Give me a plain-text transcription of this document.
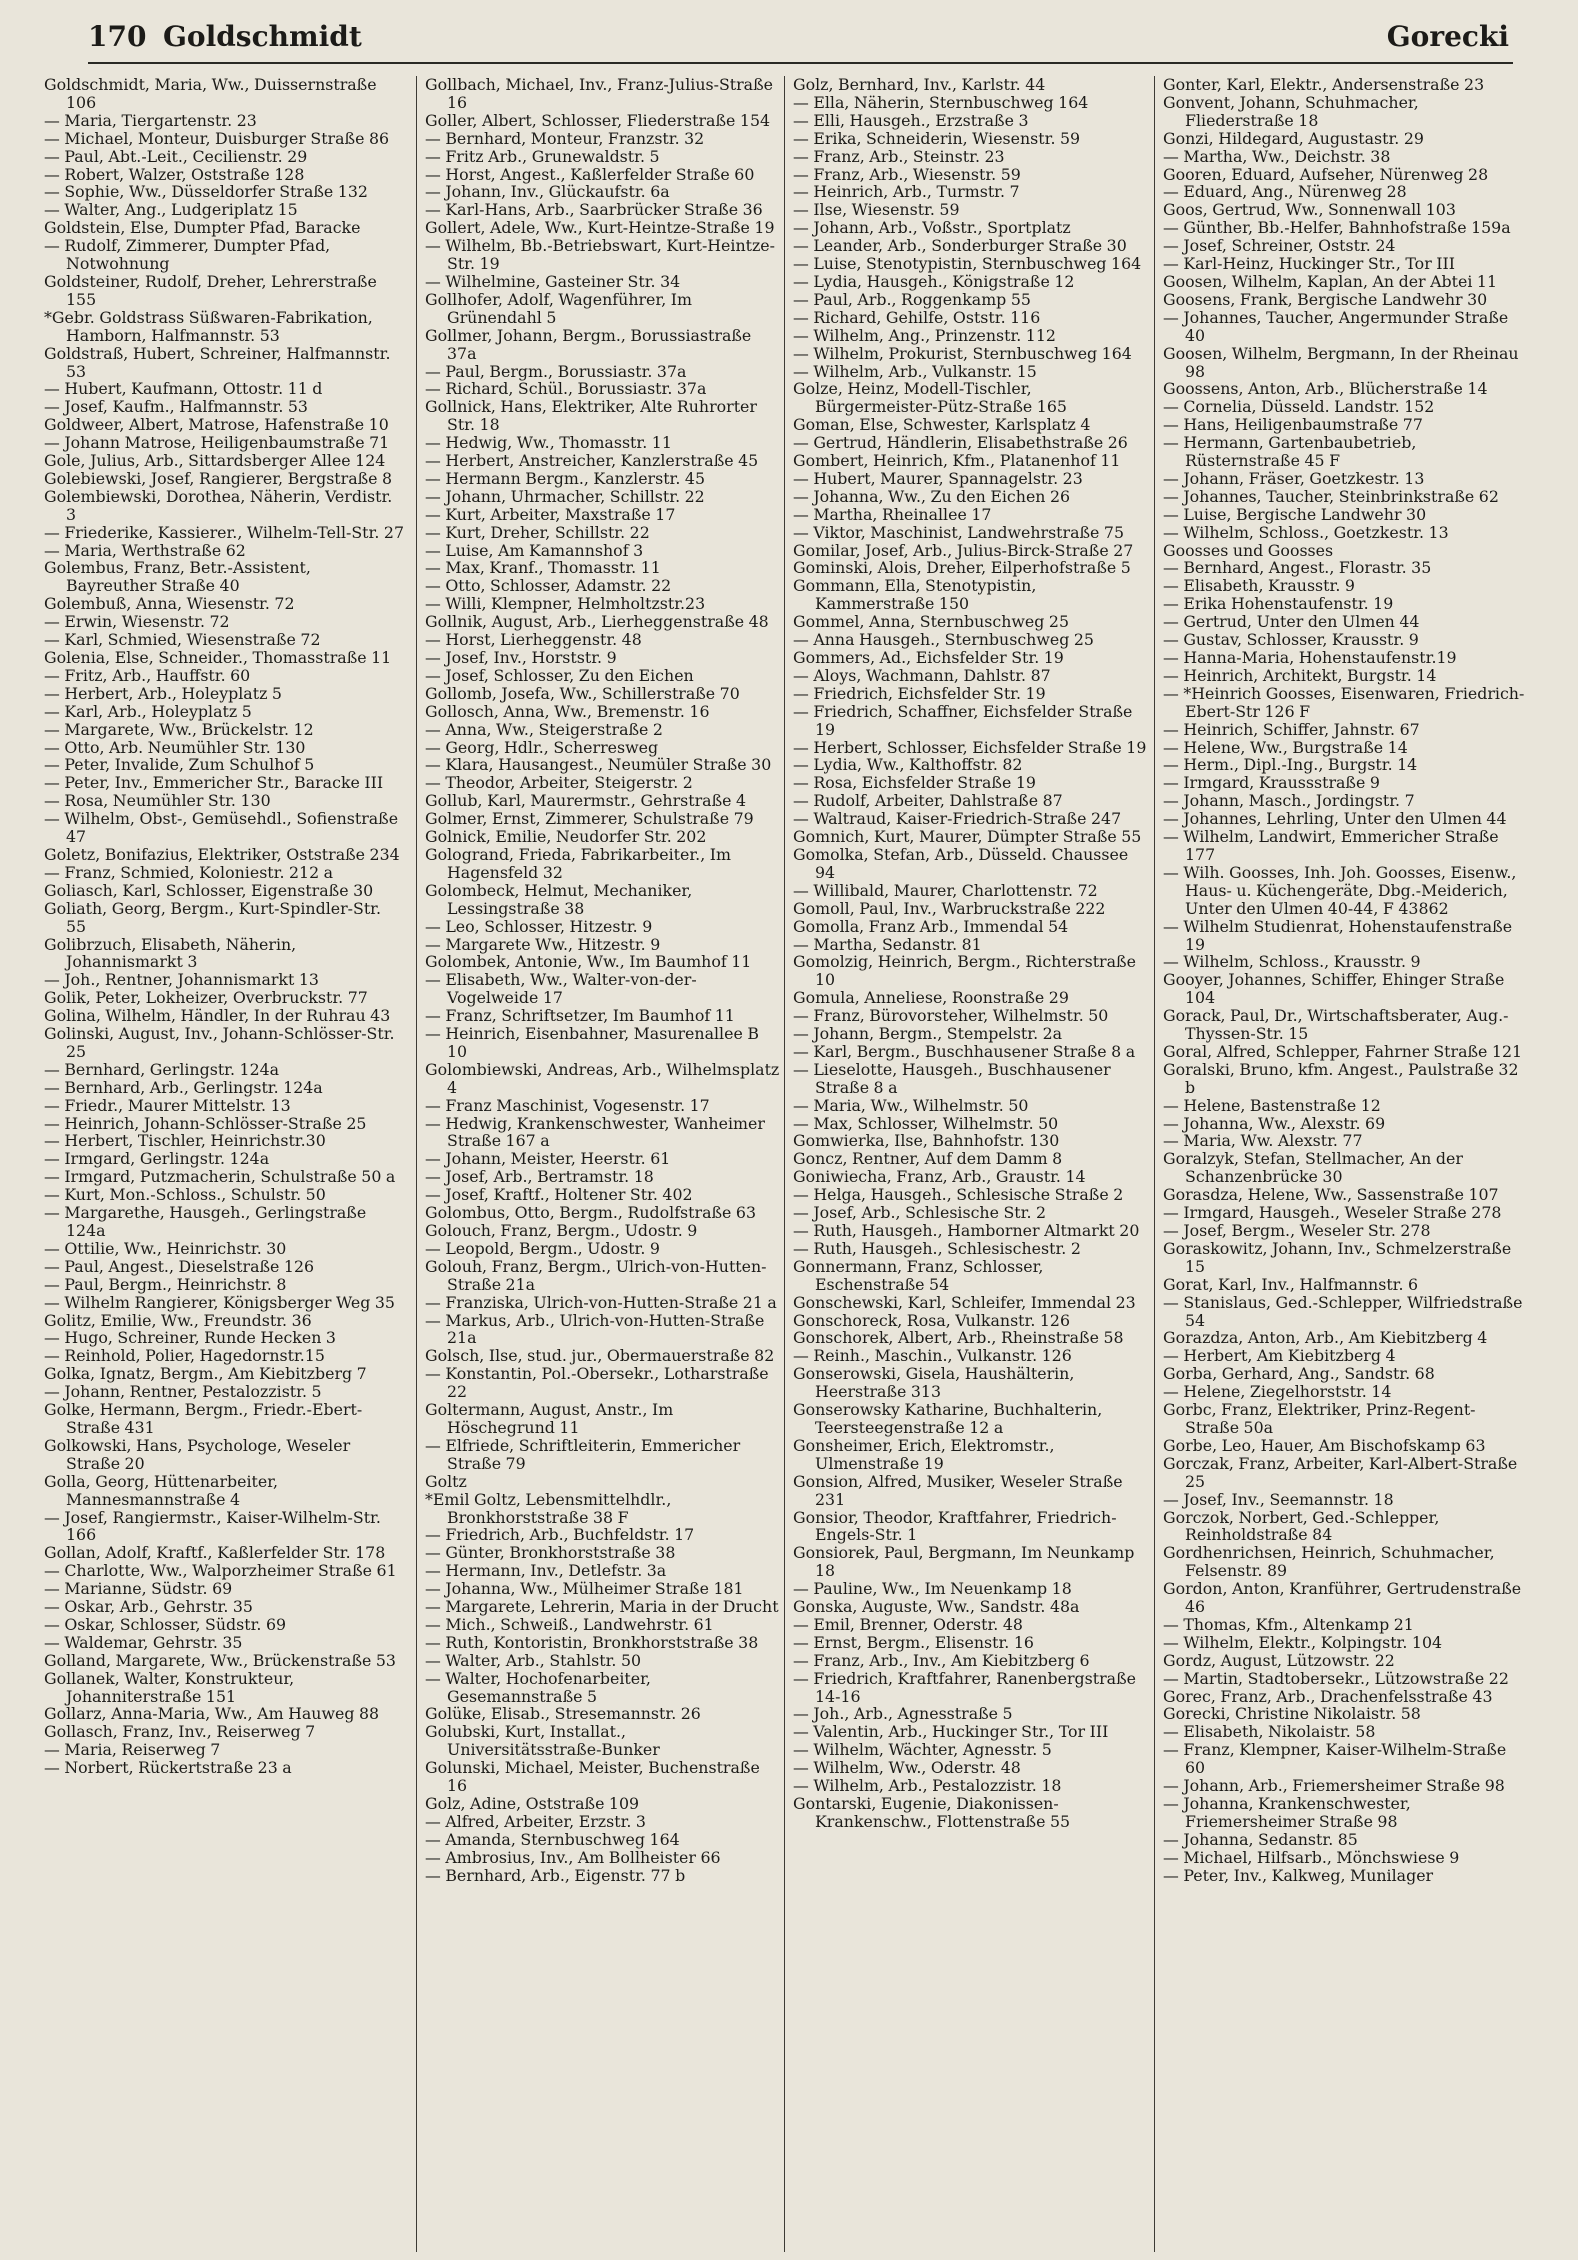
170 Goldschmidt	Gorecki

Goldschmidt, Maria, Ww., Duissernstraße 106

— Maria, Tiergartenstr. 23

— Michael, Monteur, Duisburger Straße 86

— Paul, Abt.-Leit., Cecilienstr. 29

— Robert, Walzer, Oststraße 128

— Sophie, Ww., Düsseldorfer Straße 132

— Walter, Ang., Ludgeriplatz 15

Goldstein, Else, Dumpter Pfad, Baracke

— Rudolf, Zimmerer, Dumpter Pfad, Notwohnung

Goldsteiner, Rudolf, Dreher, Lehrerstraße 155

*Gebr. Goldstrass Süßwaren-Fabrikation, Hamborn, Halfmannstr. 53

Goldstraß, Hubert, Schreiner, Halfmannstr. 53

— Hubert, Kaufmann, Ottostr. 11 d

— Josef, Kaufm., Halfmannstr. 53

Goldweer, Albert, Matrose, Hafenstraße 10

— Johann Matrose, Heiligenbaumstraße 71

Gole, Julius, Arb., Sittardsberger Allee 124

Golebiewski, Josef, Rangierer, Bergstraße 8

Golembiewski, Dorothea, Näherin, Verdistr. 3

— Friederike, Kassierer., Wilhelm-Tell-Str. 27

— Maria, Werthstraße 62

Golembus, Franz, Betr.-Assistent, Bayreuther Straße 40

Golembuß, Anna, Wiesenstr. 72

— Erwin, Wiesenstr. 72

— Karl, Schmied, Wiesenstraße 72

Golenia, Else, Schneider., Thomasstraße 11

— Fritz, Arb., Hauffstr. 60

— Herbert, Arb., Holeyplatz 5

— Karl, Arb., Holeyplatz 5

— Margarete, Ww., Brückelstr. 12

— Otto, Arb. Neumühler Str. 130

— Peter, Invalide, Zum Schulhof 5

— Peter, Inv., Emmericher Str., Baracke III

— Rosa, Neumühler Str. 130

— Wilhelm, Obst-, Gemüsehdl., Sofienstraße 47

Goletz, Bonifazius, Elektriker, Oststraße 234

— Franz, Schmied, Koloniestr. 212 a

Goliasch, Karl, Schlosser, Eigenstraße 30

Goliath, Georg, Bergm., Kurt-Spindler-Str. 55

Golibrzuch, Elisabeth, Näherin, Johannismarkt 3

— Joh., Rentner, Johannismarkt 13

Golik, Peter, Lokheizer, Overbruckstr. 77

Golina, Wilhelm, Händler, In der Ruhrau 43

Golinski, August, Inv., Johann-Schlösser-Str. 25

— Bernhard, Gerlingstr. 124a

— Bernhard, Arb., Gerlingstr. 124a

— Friedr., Maurer Mittelstr. 13

— Heinrich, Johann-Schlösser-Straße 25

— Herbert, Tischler, Heinrichstr.30

— Irmgard, Gerlingstr. 124a

— Irmgard, Putzmacherin, Schulstraße 50 a

— Kurt, Mon.-Schloss., Schulstr. 50

— Margarethe, Hausgeh., Gerlingstraße 124a

— Ottilie, Ww., Heinrichstr. 30

— Paul, Angest., Dieselstraße 126

— Paul, Bergm., Heinrichstr. 8

— Wilhelm Rangierer, Königsberger Weg 35

Golitz, Emilie, Ww., Freundstr. 36

— Hugo, Schreiner, Runde Hecken 3

— Reinhold, Polier, Hagedornstr.15

Golka, Ignatz, Bergm., Am Kiebitzberg 7

— Johann, Rentner, Pestalozzistr. 5

Golke, Hermann, Bergm., Friedr.-Ebert-Straße 431

Golkowski, Hans, Psychologe, Weseler Straße 20

Golla, Georg, Hüttenarbeiter, Mannesmannstraße 4

— Josef, Rangiermstr., Kaiser-Wilhelm-Str. 166

Gollan, Adolf, Kraftf., Kaßlerfelder Str. 178

— Charlotte, Ww., Walporzheimer Straße 61

— Marianne, Südstr. 69

— Oskar, Arb., Gehrstr. 35

— Oskar, Schlosser, Südstr. 69

— Waldemar, Gehrstr. 35

Golland, Margarete, Ww., Brückenstraße 53

Gollanek, Walter, Konstrukteur, Johanniterstraße 151

Gollarz, Anna-Maria, Ww., Am Hauweg 88

Gollasch, Franz, Inv., Reiserweg 7

— Maria, Reiserweg 7

— Norbert, Rückertstraße 23 a

Gollbach, Michael, Inv., Franz-Julius-Straße 16

Goller, Albert, Schlosser, Fliederstraße 154

— Bernhard, Monteur, Franzstr. 32

— Fritz Arb., Grunewaldstr. 5

— Horst, Angest., Kaßlerfelder Straße 60

— Johann, Inv., Glückaufstr. 6a

— Karl-Hans, Arb., Saarbrücker Straße 36

Gollert, Adele, Ww., Kurt-Heintze-Straße 19

— Wilhelm, Bb.-Betriebswart, Kurt-Heintze-Str. 19

— Wilhelmine, Gasteiner Str. 34

Gollhofer, Adolf, Wagenführer, Im Grünendahl 5

Gollmer, Johann, Bergm., Borussiastraße 37a

— Paul, Bergm., Borussiastr. 37a

— Richard, Schül., Borussiastr. 37a

Gollnick, Hans, Elektriker, Alte Ruhrorter Str. 18

— Hedwig, Ww., Thomasstr. 11

— Herbert, Anstreicher, Kanzlerstraße 45

— Hermann Bergm., Kanzlerstr. 45

— Johann, Uhrmacher, Schillstr. 22

— Kurt, Arbeiter, Maxstraße 17

— Kurt, Dreher, Schillstr. 22

— Luise, Am Kamannshof 3

— Max, Kranf., Thomasstr. 11

— Otto, Schlosser, Adamstr. 22

— Willi, Klempner, Helmholtzstr.23

Gollnik, August, Arb., Lierheggenstraße 48

— Horst, Lierheggenstr. 48

— Josef, Inv., Horststr. 9

— Josef, Schlosser, Zu den Eichen

Gollomb, Josefa, Ww., Schillerstraße 70

Gollosch, Anna, Ww., Bremenstr. 16

— Anna, Ww., Steigerstraße 2

— Georg, Hdlr., Scherresweg

— Klara, Hausangest., Neumüler Straße 30

— Theodor, Arbeiter, Steigerstr. 2

Gollub, Karl, Maurermstr., Gehrstraße 4

Golmer, Ernst, Zimmerer, Schulstraße 79

Golnick, Emilie, Neudorfer Str. 202

Gologrand, Frieda, Fabrikarbeiter., Im Hagensfeld 32

Golombeck, Helmut, Mechaniker, Lessingstraße 38

— Leo, Schlosser, Hitzestr. 9

— Margarete Ww., Hitzestr. 9

Golombek, Antonie, Ww., Im Baumhof 11

— Elisabeth, Ww., Walter-von-der-Vogelweide 17

— Franz, Schriftsetzer, Im Baumhof 11

— Heinrich, Eisenbahner, Masurenallee B 10

Golombiewski, Andreas, Arb., Wilhelmsplatz 4

— Franz Maschinist, Vogesenstr. 17

— Hedwig, Krankenschwester, Wanheimer Straße 167 a

— Johann, Meister, Heerstr. 61

— Josef, Arb., Bertramstr. 18

— Josef, Kraftf., Holtener Str. 402

Golombus, Otto, Bergm., Rudolfstraße 63

Golouch, Franz, Bergm., Udostr. 9

— Leopold, Bergm., Udostr. 9

Golouh, Franz, Bergm., Ulrich-von-Hutten-Straße 21a

— Franziska, Ulrich-von-Hutten-Straße 21 a

— Markus, Arb., Ulrich-von-Hutten-Straße 21a

Golsch, Ilse, stud. jur., Obermauerstraße 82

— Konstantin, Pol.-Obersekr., Lotharstraße 22

Goltermann, August, Anstr., Im Höschegrund 11

— Elfriede, Schriftleiterin, Emmericher Straße 79

Goltz

*Emil Goltz, Lebensmittelhdlr., Bronkhorststraße 38 F

— Friedrich, Arb., Buchfeldstr. 17

— Günter, Bronkhorststraße 38

— Hermann, Inv., Detlefstr. 3a

— Johanna, Ww., Mülheimer Straße 181

— Margarete, Lehrerin, Maria in der Drucht

— Mich., Schweiß., Landwehrstr. 61

— Ruth, Kontoristin, Bronkhorststraße 38

— Walter, Arb., Stahlstr. 50

— Walter, Hochofenarbeiter, Gesemannstraße 5

Golüke, Elisab., Stresemannstr. 26

Golubski, Kurt, Installat., Universitätsstraße-Bunker

Golunski, Michael, Meister, Buchenstraße 16

Golz, Adine, Oststraße 109

— Alfred, Arbeiter, Erzstr. 3

— Amanda, Sternbuschweg 164

— Ambrosius, Inv., Am Bollheister 66

— Bernhard, Arb., Eigenstr. 77 b

Golz, Bernhard, Inv., Karlstr. 44

— Ella, Näherin, Sternbuschweg 164

— Elli, Hausgeh., Erzstraße 3

— Erika, Schneiderin, Wiesenstr. 59

— Franz, Arb., Steinstr. 23

— Franz, Arb., Wiesenstr. 59

— Heinrich, Arb., Turmstr. 7

— Ilse, Wiesenstr. 59

— Johann, Arb., Voßstr., Sportplatz

— Leander, Arb., Sonderburger Straße 30

— Luise, Stenotypistin, Sternbuschweg 164

— Lydia, Hausgeh., Königstraße 12

— Paul, Arb., Roggenkamp 55

— Richard, Gehilfe, Oststr. 116

— Wilhelm, Ang., Prinzenstr. 112

— Wilhelm, Prokurist, Sternbuschweg 164

— Wilhelm, Arb., Vulkanstr. 15

Golze, Heinz, Modell-Tischler, Bürgermeister-Pütz-Straße 165

Goman, Else, Schwester, Karlsplatz 4

— Gertrud, Händlerin, Elisabethstraße 26

Gombert, Heinrich, Kfm., Platanenhof 11

— Hubert, Maurer, Spannagelstr. 23

— Johanna, Ww., Zu den Eichen 26

— Martha, Rheinallee 17

— Viktor, Maschinist, Landwehrstraße 75

Gomilar, Josef, Arb., Julius-Birck-Straße 27

Gominski, Alois, Dreher, Eilperhofstraße 5

Gommann, Ella, Stenotypistin, Kammerstraße 150

Gommel, Anna, Sternbuschweg 25

— Anna Hausgeh., Sternbuschweg 25

Gommers, Ad., Eichsfelder Str. 19

— Aloys, Wachmann, Dahlstr. 87

— Friedrich, Eichsfelder Str. 19

— Friedrich, Schaffner, Eichsfelder Straße 19

— Herbert, Schlosser, Eichsfelder Straße 19

— Lydia, Ww., Kalthoffstr. 82

— Rosa, Eichsfelder Straße 19

— Rudolf, Arbeiter, Dahlstraße 87

— Waltraud, Kaiser-Friedrich-Straße 247

Gomnich, Kurt, Maurer, Dümpter Straße 55

Gomolka, Stefan, Arb., Düsseld. Chaussee 94

— Willibald, Maurer, Charlottenstr. 72

Gomoll, Paul, Inv., Warbruckstraße 222

Gomolla, Franz Arb., Immendal 54

— Martha, Sedanstr. 81

Gomolzig, Heinrich, Bergm., Richterstraße 10

Gomula, Anneliese, Roonstraße 29

— Franz, Bürovorsteher, Wilhelmstr. 50

— Johann, Bergm., Stempelstr. 2a

— Karl, Bergm., Buschhausener Straße 8 a

— Lieselotte, Hausgeh., Buschhausener Straße 8 a

— Maria, Ww., Wilhelmstr. 50

— Max, Schlosser, Wilhelmstr. 50

Gomwierka, Ilse, Bahnhofstr. 130

Goncz, Rentner, Auf dem Damm 8

Goniwiecha, Franz, Arb., Graustr. 14

— Helga, Hausgeh., Schlesische Straße 2

— Josef, Arb., Schlesische Str. 2

— Ruth, Hausgeh., Hamborner Altmarkt 20

— Ruth, Hausgeh., Schlesischestr. 2

Gonnermann, Franz, Schlosser, Eschenstraße 54

Gonschewski, Karl, Schleifer, Immendal 23

Gonschoreck, Rosa, Vulkanstr. 126

Gonschorek, Albert, Arb., Rheinstraße 58

— Reinh., Maschin., Vulkanstr. 126

Gonserowski, Gisela, Haushälterin, Heerstraße 313

Gonserowsky Katharine, Buchhalterin, Teersteegenstraße 12 a

Gonsheimer, Erich, Elektromstr., Ulmenstraße 19

Gonsion, Alfred, Musiker, Weseler Straße 231

Gonsior, Theodor, Kraftfahrer, Friedrich-Engels-Str. 1

Gonsiorek, Paul, Bergmann, Im Neunkamp 18

— Pauline, Ww., Im Neuenkamp 18

Gonska, Auguste, Ww., Sandstr. 48a

— Emil, Brenner, Oderstr. 48

— Ernst, Bergm., Elisenstr. 16

— Franz, Arb., Inv., Am Kiebitzberg 6

— Friedrich, Kraftfahrer, Ranenbergstraße 14-16

— Joh., Arb., Agnesstraße 5

— Valentin, Arb., Huckinger Str., Tor III

— Wilhelm, Wächter, Agnesstr. 5

— Wilhelm, Ww., Oderstr. 48

— Wilhelm, Arb., Pestalozzistr. 18

Gontarski, Eugenie, Diakonissen-Krankenschw., Flottenstraße 55

Gonter, Karl, Elektr., Andersenstraße 23

Gonvent, Johann, Schuhmacher, Fliederstraße 18

Gonzi, Hildegard, Augustastr. 29

— Martha, Ww., Deichstr. 38

Gooren, Eduard, Aufseher, Nürenweg 28

— Eduard, Ang., Nürenweg 28

Goos, Gertrud, Ww., Sonnenwall 103

— Günther, Bb.-Helfer, Bahnhofstraße 159a

— Josef, Schreiner, Oststr. 24

— Karl-Heinz, Huckinger Str., Tor III

Goosen, Wilhelm, Kaplan, An der Abtei 11

Goosens, Frank, Bergische Landwehr 30

— Johannes, Taucher, Angermunder Straße 40

Goosen, Wilhelm, Bergmann, In der Rheinau 98

Goossens, Anton, Arb., Blücherstraße 14

— Cornelia, Düsseld. Landstr. 152

— Hans, Heiligenbaumstraße 77

— Hermann, Gartenbaubetrieb, Rüsternstraße 45 F

— Johann, Fräser, Goetzkestr. 13

— Johannes, Taucher, Steinbrinkstraße 62

— Luise, Bergische Landwehr 30

— Wilhelm, Schloss., Goetzkestr. 13

Goosses und Goosses

— Bernhard, Angest., Florastr. 35

— Elisabeth, Krausstr. 9

— Erika Hohenstaufenstr. 19

— Gertrud, Unter den Ulmen 44

— Gustav, Schlosser, Krausstr. 9

— Hanna-Maria, Hohenstaufenstr.19

— Heinrich, Architekt, Burgstr. 14

— *Heinrich Goosses, Eisenwaren, Friedrich-Ebert-Str 126 F

— Heinrich, Schiffer, Jahnstr. 67

— Helene, Ww., Burgstraße 14

— Herm., Dipl.-Ing., Burgstr. 14

— Irmgard, Kraussstraße 9

— Johann, Masch., Jordingstr. 7

— Johannes, Lehrling, Unter den Ulmen 44

— Wilhelm, Landwirt, Emmericher Straße 177

— Wilh. Goosses, Inh. Joh. Goosses, Eisenw., Haus- u. Küchengeräte, Dbg.-Meiderich, Unter den Ulmen 40-44, F 43862

— Wilhelm Studienrat, Hohenstaufenstraße 19

— Wilhelm, Schloss., Krausstr. 9

Gooyer, Johannes, Schiffer, Ehinger Straße 104

Gorack, Paul, Dr., Wirtschaftsberater, Aug.-Thyssen-Str. 15

Goral, Alfred, Schlepper, Fahrner Straße 121

Goralski, Bruno, kfm. Angest., Paulstraße 32 b

— Helene, Bastenstraße 12

— Johanna, Ww., Alexstr. 69

— Maria, Ww. Alexstr. 77

Goralzyk, Stefan, Stellmacher, An der Schanzenbrücke 30

Gorasdza, Helene, Ww., Sassenstraße 107

— Irmgard, Hausgeh., Weseler Straße 278

— Josef, Bergm., Weseler Str. 278

Goraskowitz, Johann, Inv., Schmelzerstraße 15

Gorat, Karl, Inv., Halfmannstr. 6

— Stanislaus, Ged.-Schlepper, Wilfriedstraße 54

Gorazdza, Anton, Arb., Am Kiebitzberg 4

— Herbert, Am Kiebitzberg 4

Gorba, Gerhard, Ang., Sandstr. 68

— Helene, Ziegelhorststr. 14

Gorbc, Franz, Elektriker, Prinz-Regent-Straße 50a

Gorbe, Leo, Hauer, Am Bischofskamp 63

Gorczak, Franz, Arbeiter, Karl-Albert-Straße 25

— Josef, Inv., Seemannstr. 18

Gorczok, Norbert, Ged.-Schlepper, Reinholdstraße 84

Gordhenrichsen, Heinrich, Schuhmacher, Felsenstr. 89

Gordon, Anton, Kranführer, Gertrudenstraße 46

— Thomas, Kfm., Altenkamp 21

— Wilhelm, Elektr., Kolpingstr. 104

Gordz, August, Lützowstr. 22

— Martin, Stadtobersekr., Lützowstraße 22

Gorec, Franz, Arb., Drachenfelsstraße 43

Gorecki, Christine Nikolaistr. 58

— Elisabeth, Nikolaistr. 58

— Franz, Klempner, Kaiser-Wilhelm-Straße 60

— Johann, Arb., Friemersheimer Straße 98

— Johanna, Krankenschwester, Friemersheimer Straße 98

— Johanna, Sedanstr. 85

— Michael, Hilfsarb., Mönchswiese 9

— Peter, Inv., Kalkweg, Munilager
